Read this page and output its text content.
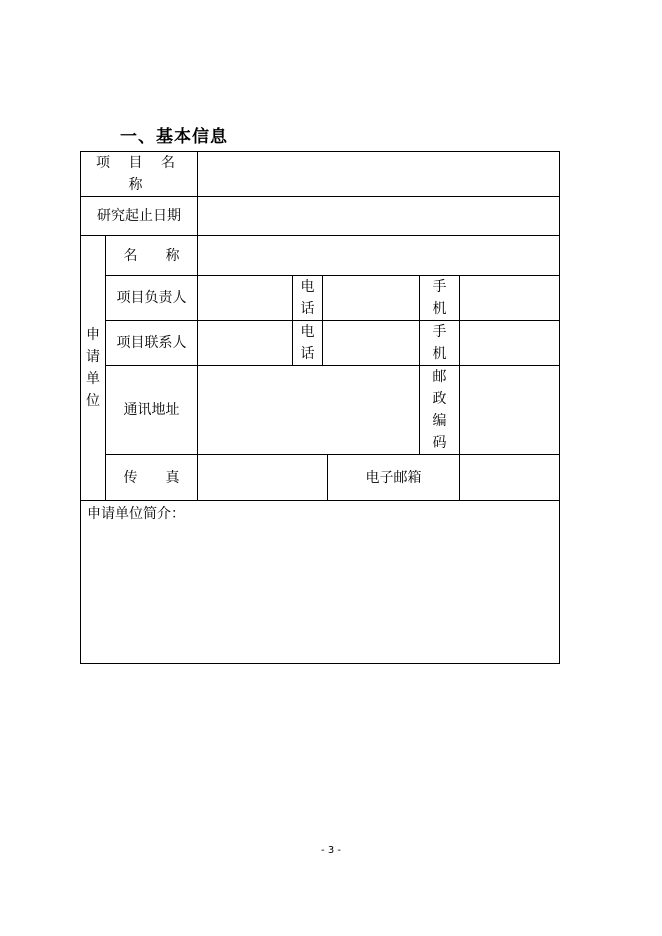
一、基本信息
项 目 名 称							
研究起止日期							
申请单位	名　　称						
	项目负责人		电话			手机	
	项目联系人		电话			手机	
	通讯地址					邮政编码	
	传　　真				电子邮箱		
申请单位简介：							
- 3 -
